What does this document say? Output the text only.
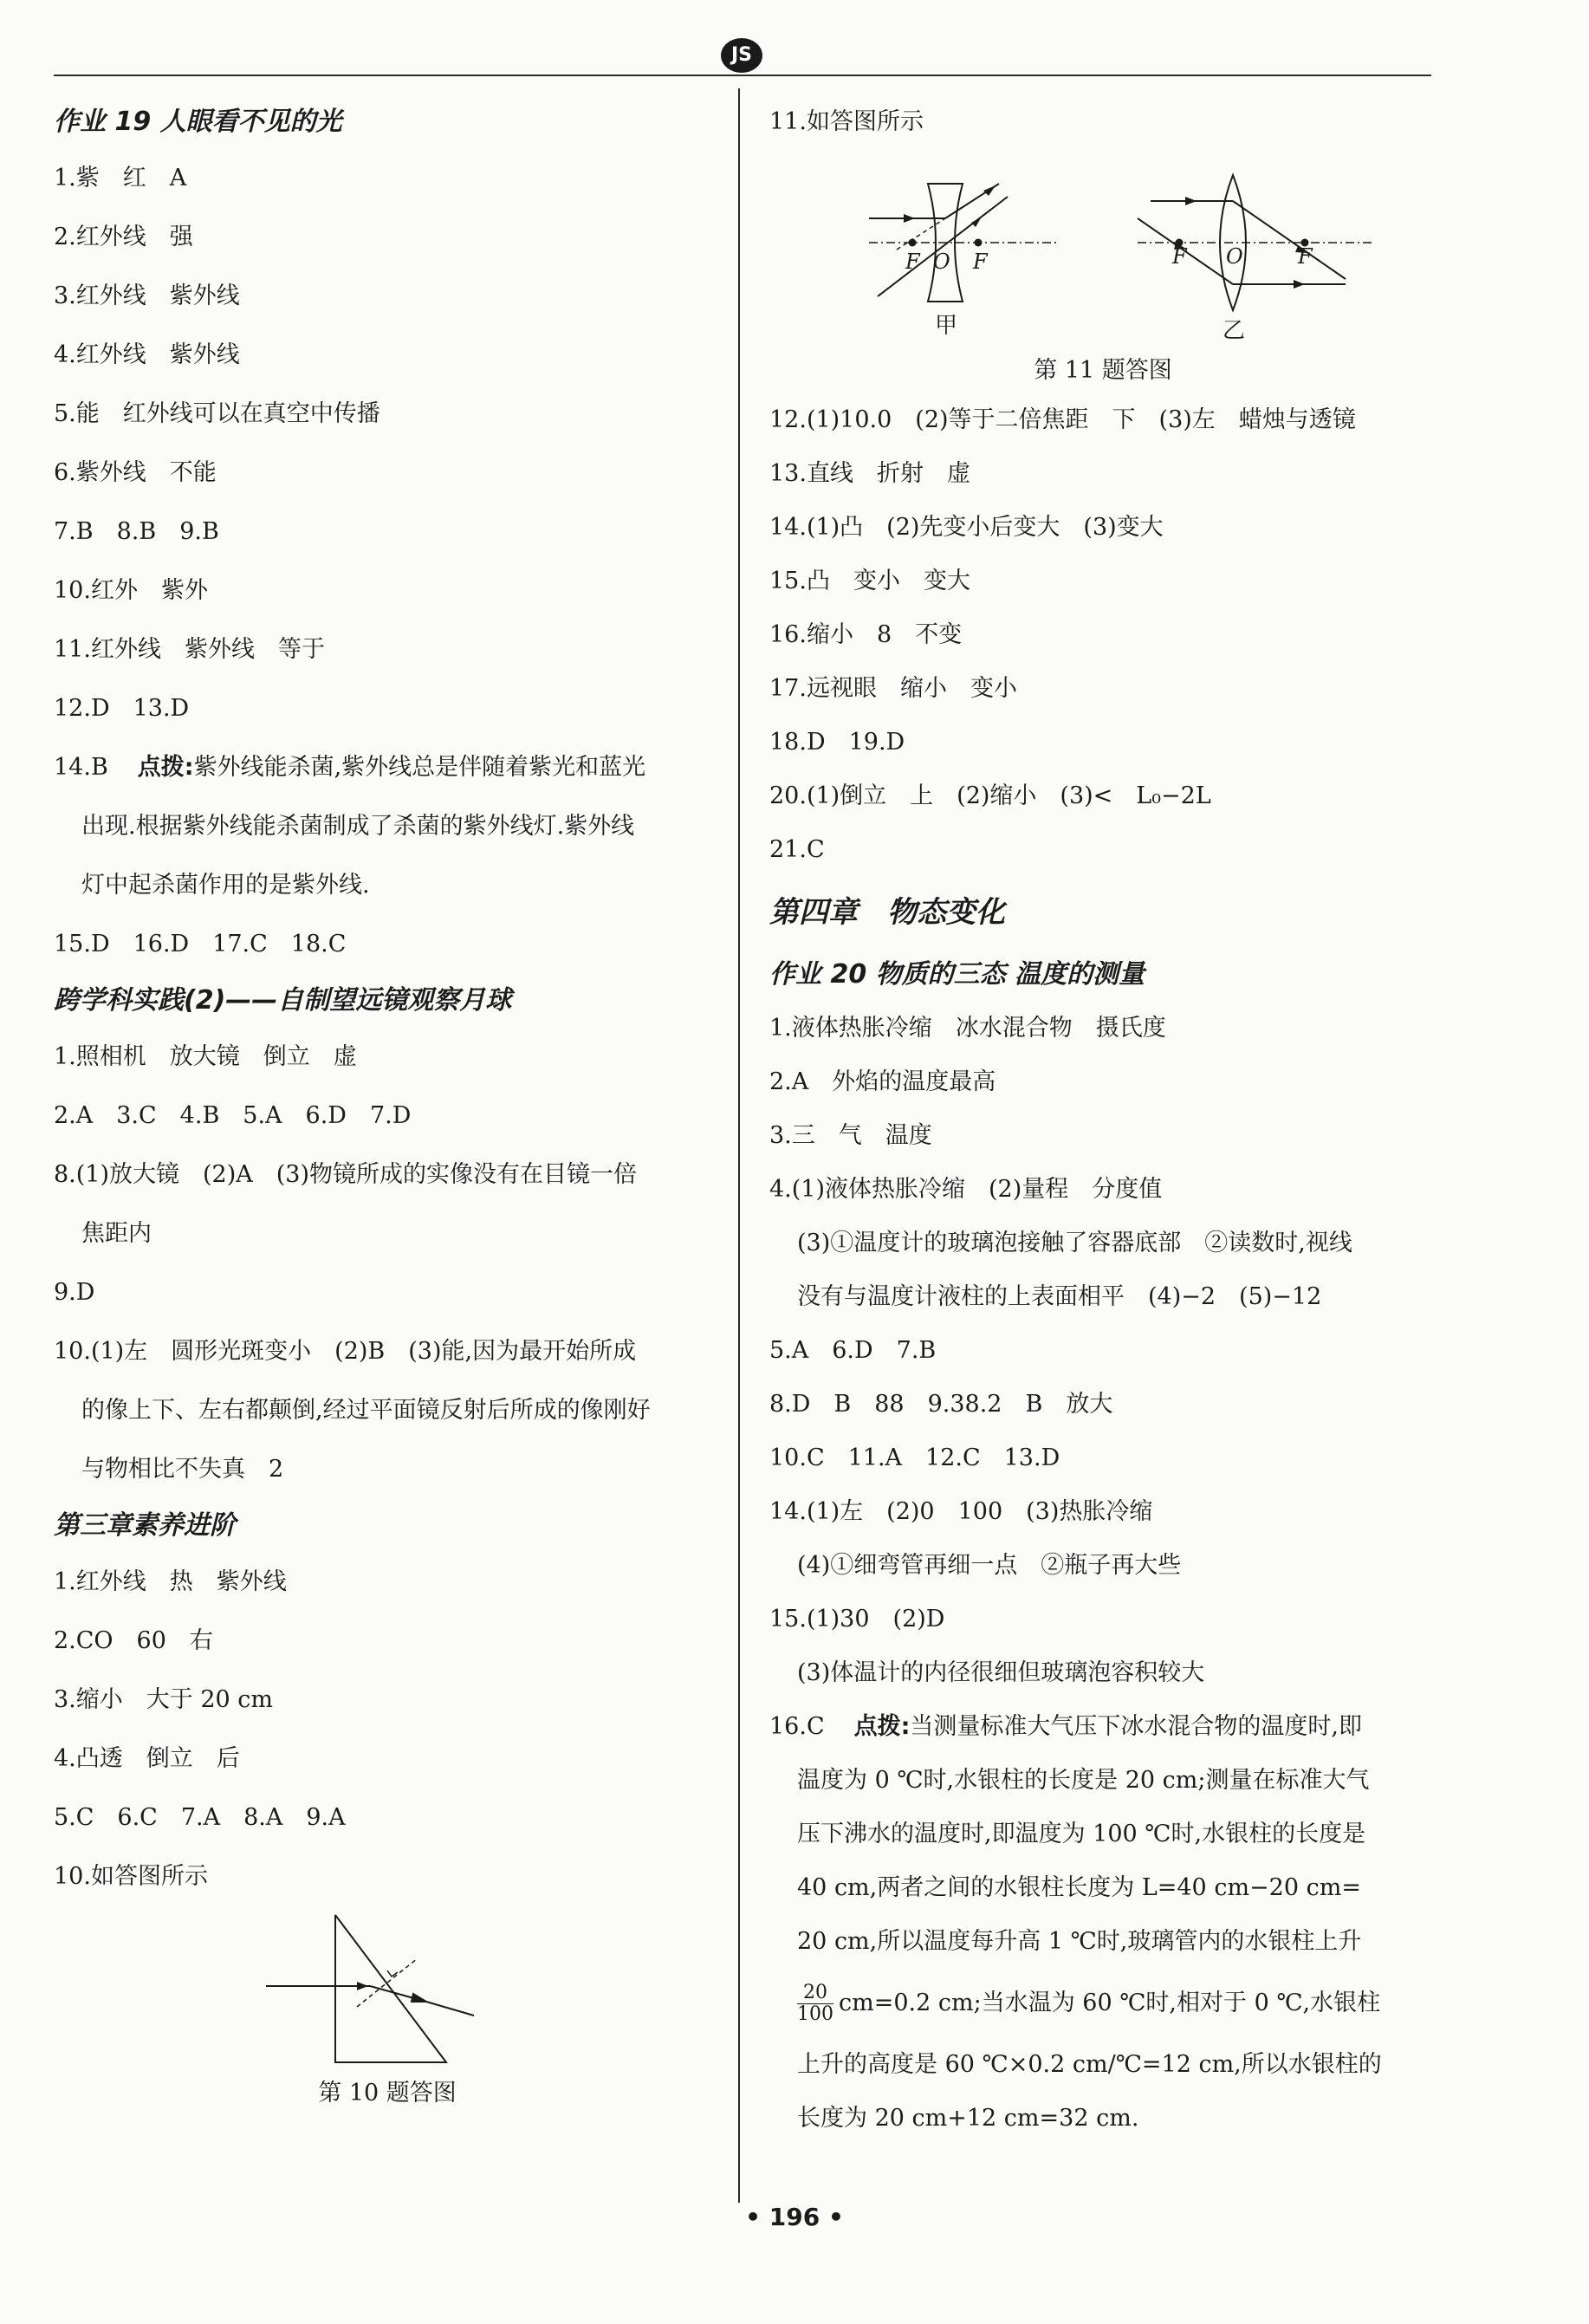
JS
作业 19 人眼看不见的光
1.紫　红　A
2.红外线　强
3.红外线　紫外线
4.红外线　紫外线
5.能　红外线可以在真空中传播
6.紫外线　不能
7.B　8.B　9.B
10.红外　紫外
11.红外线　紫外线　等于
12.D　13.D
14.B 点拨:紫外线能杀菌,紫外线总是伴随着紫光和蓝光
出现.根据紫外线能杀菌制成了杀菌的紫外线灯.紫外线
灯中起杀菌作用的是紫外线.
15.D　16.D　17.C　18.C
跨学科实践(2)——自制望远镜观察月球
1.照相机　放大镜　倒立　虚
2.A　3.C　4.B　5.A　6.D　7.D
8.(1)放大镜　(2)A　(3)物镜所成的实像没有在目镜一倍
焦距内
9.D
10.(1)左　圆形光斑变小　(2)B　(3)能,因为最开始所成
的像上下、左右都颠倒,经过平面镜反射后所成的像刚好
与物相比不失真　2
第三章素养进阶
1.红外线　热　紫外线
2.CO　60　右
3.缩小　大于 20 cm
4.凸透　倒立　后
5.C　6.C　7.A　8.A　9.A
10.如答图所示
第 10 题答图
11.如答图所示
F O F	F O	F
甲	乙
第 11 题答图
12.(1)10.0　(2)等于二倍焦距　下　(3)左　蜡烛与透镜
13.直线　折射　虚
14.(1)凸　(2)先变小后变大　(3)变大
15.凸　变小　变大
16.缩小　8　不变
17.远视眼　缩小　变小
18.D　19.D
20.(1)倒立　上　(2)缩小　(3)<　L₀−2L
21.C
第四章　物态变化
作业 20 物质的三态 温度的测量
1.液体热胀冷缩　冰水混合物　摄氏度
2.A　外焰的温度最高
3.三　气　温度
4.(1)液体热胀冷缩　(2)量程　分度值
(3)①温度计的玻璃泡接触了容器底部　②读数时,视线
没有与温度计液柱的上表面相平　(4)−2　(5)−12
5.A　6.D　7.B
8.D　B　88　9.38.2　B　放大
10.C　11.A　12.C　13.D
14.(1)左　(2)0　100　(3)热胀冷缩
(4)①细弯管再细一点　②瓶子再大些
15.(1)30　(2)D
(3)体温计的内径很细但玻璃泡容积较大
16.C 点拨:当测量标准大气压下冰水混合物的温度时,即
温度为 0 ℃时,水银柱的长度是 20 cm;测量在标准大气
压下沸水的温度时,即温度为 100 ℃时,水银柱的长度是
40 cm,两者之间的水银柱长度为 L=40 cm−20 cm=
20 cm,所以温度每升高 1 ℃时,玻璃管内的水银柱上升
$\frac{20}{100} cm=0.2$ cm;当水温为 60 ℃时,相对于 0 ℃,水银柱
上升的高度是 60 ℃×0.2 cm/℃=12 cm,所以水银柱的
长度为 20 cm+12 cm=32 cm.
• 196 •
